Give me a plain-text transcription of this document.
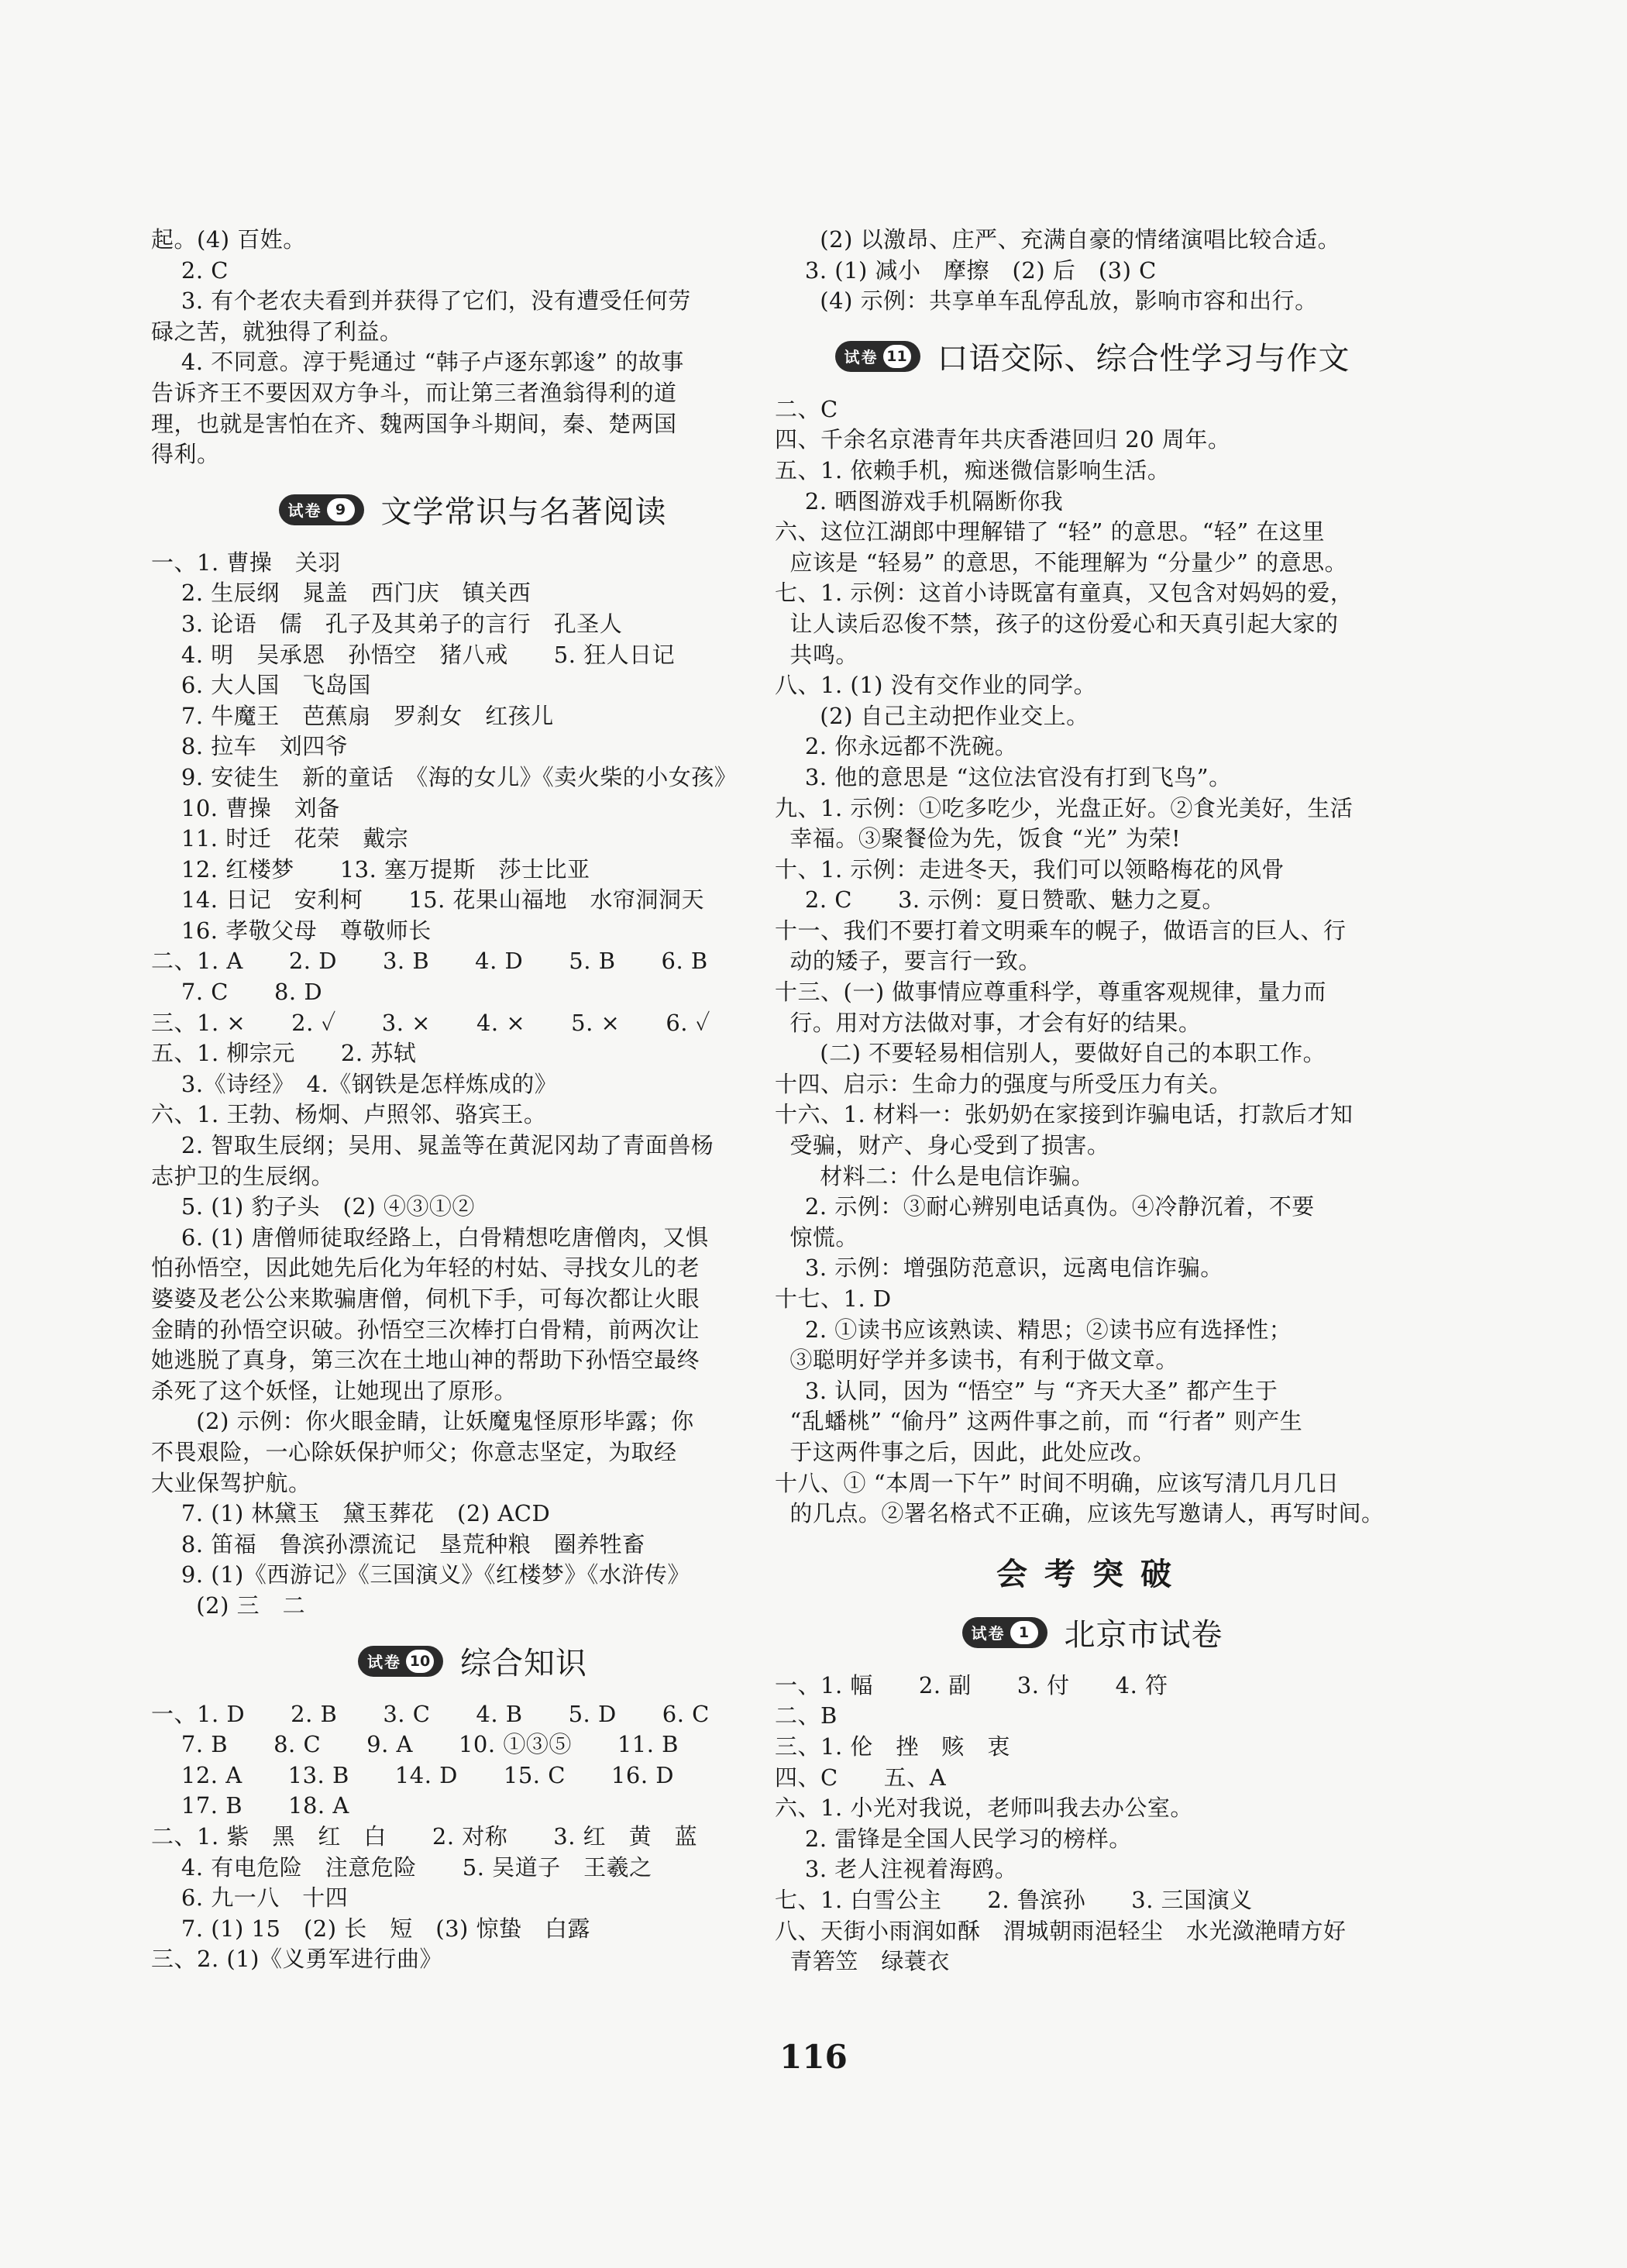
起。(4) 百姓。
2. C
3. 有个老农夫看到并获得了它们，没有遭受任何劳
碌之苦，就独得了利益。
4. 不同意。淳于髡通过 “韩子卢逐东郭逡” 的故事
告诉齐王不要因双方争斗，而让第三者渔翁得利的道
理，也就是害怕在齐、魏两国争斗期间，秦、楚两国
得利。
试卷 9 文学常识与名著阅读
一、1. 曹操　关羽
2. 生辰纲　晁盖　西门庆　镇关西
3. 论语　儒　孔子及其弟子的言行　孔圣人
4. 明　吴承恩　孙悟空　猪八戒　　5. 狂人日记
6. 大人国　飞岛国
7. 牛魔王　芭蕉扇　罗刹女　红孩儿
8. 拉车　刘四爷
9. 安徒生　新的童话　《海的女儿》《卖火柴的小女孩》
10. 曹操　刘备
11. 时迁　花荣　戴宗
12. 红楼梦　　13. 塞万提斯　莎士比亚
14. 日记　安利柯　　15. 花果山福地　水帘洞洞天
16. 孝敬父母　尊敬师长
二、1. A　　2. D　　3. B　　4. D　　5. B　　6. B
7. C　　8. D
三、1. ×　　2. ✓　　3. ×　　4. ×　　5. ×　　6. ✓
五、1. 柳宗元　　2. 苏轼
3.《诗经》　4.《钢铁是怎样炼成的》
六、1. 王勃、杨炯、卢照邻、骆宾王。
2. 智取生辰纲；吴用、晁盖等在黄泥冈劫了青面兽杨
志护卫的生辰纲。
5. (1) 豹子头　(2) ④③①②
6. (1) 唐僧师徒取经路上，白骨精想吃唐僧肉，又惧
怕孙悟空，因此她先后化为年轻的村姑、寻找女儿的老
婆婆及老公公来欺骗唐僧，伺机下手，可每次都让火眼
金睛的孙悟空识破。孙悟空三次棒打白骨精，前两次让
她逃脱了真身，第三次在土地山神的帮助下孙悟空最终
杀死了这个妖怪，让她现出了原形。
(2) 示例：你火眼金睛，让妖魔鬼怪原形毕露；你
不畏艰险，一心除妖保护师父；你意志坚定，为取经
大业保驾护航。
7. (1) 林黛玉　黛玉葬花　(2) ACD
8. 笛福　鲁滨孙漂流记　垦荒种粮　圈养牲畜
9. (1)《西游记》《三国演义》《红楼梦》《水浒传》
(2) 三　二
试卷 10 综合知识
一、1. D　　2. B　　3. C　　4. B　　5. D　　6. C
7. B　　8. C　　9. A　　10. ①③⑤　　11. B
12. A　　13. B　　14. D　　15. C　　16. D
17. B　　18. A
二、1. 紫　黑　红　白　　2. 对称　　3. 红　黄　蓝
4. 有电危险　注意危险　　5. 吴道子　王羲之
6. 九一八　十四
7. (1) 15　(2) 长　短　(3) 惊蛰　白露
三、2. (1)《义勇军进行曲》
(2) 以激昂、庄严、充满自豪的情绪演唱比较合适。
3. (1) 减小　摩擦　(2) 后　(3) C
(4) 示例：共享单车乱停乱放，影响市容和出行。
试卷 11 口语交际、综合性学习与作文
二、C
四、千余名京港青年共庆香港回归 20 周年。
五、1. 依赖手机，痴迷微信影响生活。
2. 晒图游戏手机隔断你我
六、这位江湖郎中理解错了 “轻” 的意思。“轻” 在这里
应该是 “轻易” 的意思，不能理解为 “分量少” 的意思。
七、1. 示例：这首小诗既富有童真，又包含对妈妈的爱，
让人读后忍俊不禁，孩子的这份爱心和天真引起大家的
共鸣。
八、1. (1) 没有交作业的同学。
(2) 自己主动把作业交上。
2. 你永远都不洗碗。
3. 他的意思是 “这位法官没有打到飞鸟”。
九、1. 示例：①吃多吃少，光盘正好。②食光美好，生活
幸福。③聚餐俭为先，饭食 “光” 为荣!
十、1. 示例：走进冬天，我们可以领略梅花的风骨
2. C　　3. 示例：夏日赞歌、魅力之夏。
十一、我们不要打着文明乘车的幌子，做语言的巨人、行
动的矮子，要言行一致。
十三、(一) 做事情应尊重科学，尊重客观规律，量力而
行。用对方法做对事，才会有好的结果。
(二) 不要轻易相信别人，要做好自己的本职工作。
十四、启示：生命力的强度与所受压力有关。
十六、1. 材料一：张奶奶在家接到诈骗电话，打款后才知
受骗，财产、身心受到了损害。
材料二：什么是电信诈骗。
2. 示例：③耐心辨别电话真伪。④冷静沉着，不要
惊慌。
3. 示例：增强防范意识，远离电信诈骗。
十七、1. D
2. ①读书应该熟读、精思；②读书应有选择性；
③聪明好学并多读书，有利于做文章。
3. 认同，因为 “悟空” 与 “齐天大圣” 都产生于
“乱蟠桃” “偷丹” 这两件事之前，而 “行者” 则产生
于这两件事之后，因此，此处应改。
十八、① “本周一下午” 时间不明确，应该写清几月几日
的几点。②署名格式不正确，应该先写邀请人，再写时间。
会考突破
试卷 1 北京市试卷
一、1. 幅　　2. 副　　3. 付　　4. 符
二、B
三、1. 伦　挫　赅　衷
四、C　　五、A
六、1. 小光对我说，老师叫我去办公室。
2. 雷锋是全国人民学习的榜样。
3. 老人注视着海鸥。
七、1. 白雪公主　　2. 鲁滨孙　　3. 三国演义
八、天街小雨润如酥　渭城朝雨浥轻尘　水光潋滟晴方好
青箬笠　绿蓑衣
116
